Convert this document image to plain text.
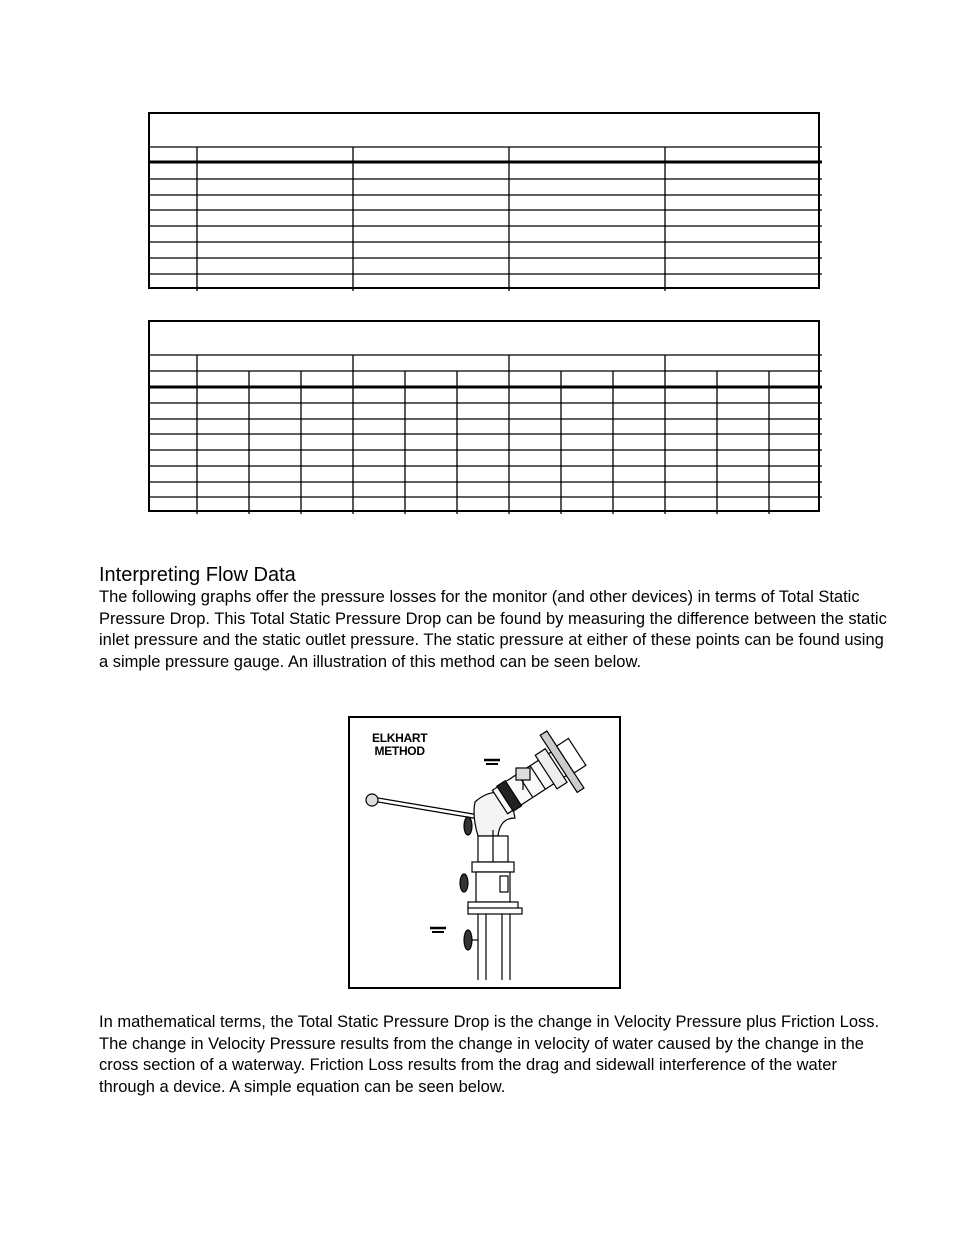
Interpreting Flow Data
The following graphs offer the pressure losses for the monitor (and other devices) in terms of Total Static Pressure Drop. This Total Static Pressure Drop can be found by measuring the difference between the static inlet pressure and the static outlet pressure. The static pressure at either of these points can be found using a simple pressure gauge. An illustration of this method can be seen below.
ELKHART
METHOD
In mathematical terms, the Total Static Pressure Drop is the change in Velocity Pressure plus Friction Loss. The change in Velocity Pressure results from the change in velocity of water caused by the change in the cross section of a waterway. Friction Loss results from the drag and sidewall interference of the water through a device. A simple equation can be seen below.
